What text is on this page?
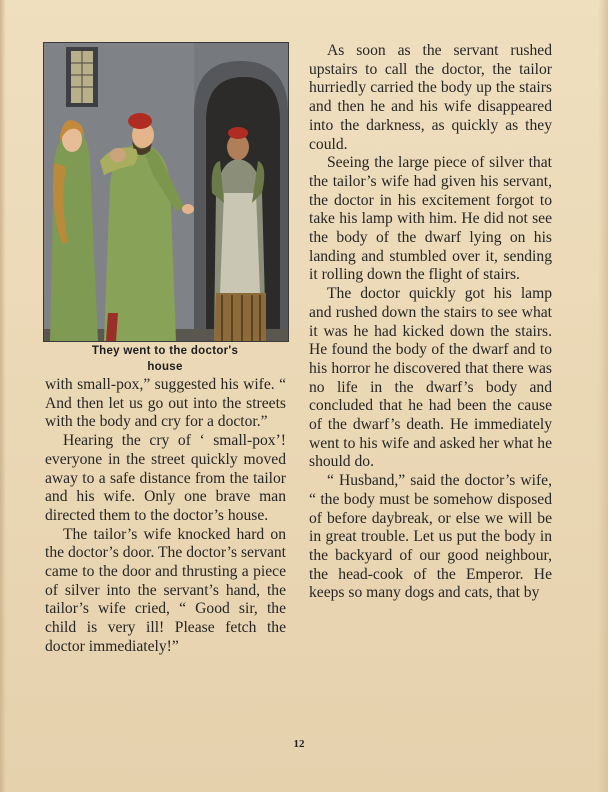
They went to the doctor's
house

with small-pox,” suggested his wife. “ And then let us go out into the streets with the body and cry for a doctor.”

Hearing the cry of ‘ small-pox’! everyone in the street quickly moved away to a safe distance from the tailor and his wife. Only one brave man directed them to the doctor’s house.

The tailor’s wife knocked hard on the doctor’s door. The doctor’s servant came to the door and thrusting a piece of silver into the servant’s hand, the tailor’s wife cried, “ Good sir, the child is very ill! Please fetch the doctor immediately!”

As soon as the servant rushed upstairs to call the doctor, the tailor hurriedly carried the body up the stairs and then he and his wife disappeared into the darkness, as quickly as they could.

Seeing the large piece of silver that the tailor’s wife had given his servant, the doctor in his excitement forgot to take his lamp with him. He did not see the body of the dwarf lying on his landing and stumbled over it, sending it rolling down the flight of stairs.

The doctor quickly got his lamp and rushed down the stairs to see what it was he had kicked down the stairs. He found the body of the dwarf and to his horror he discovered that there was no life in the dwarf’s body and concluded that he had been the cause of the dwarf’s death. He immediately went to his wife and asked her what he should do.

“ Husband,” said the doctor’s wife, “ the body must be somehow disposed of before daybreak, or else we will be in great trouble. Let us put the body in the backyard of our good neighbour, the head-cook of the Emperor. He keeps so many dogs and cats, that by

12
